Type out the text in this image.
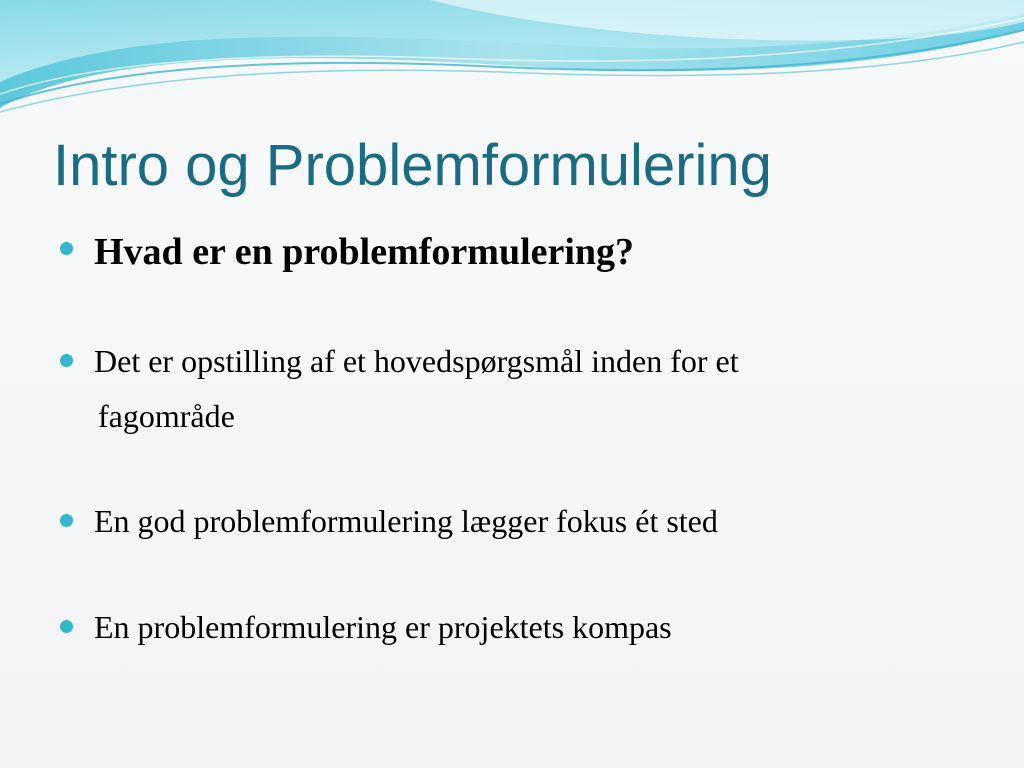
Intro og Problemformulering
Hvad er en problemformulering?
Det er opstilling af et hovedspørgsmål inden for et
fagområde
En god problemformulering lægger fokus ét sted
En problemformulering er projektets kompas
